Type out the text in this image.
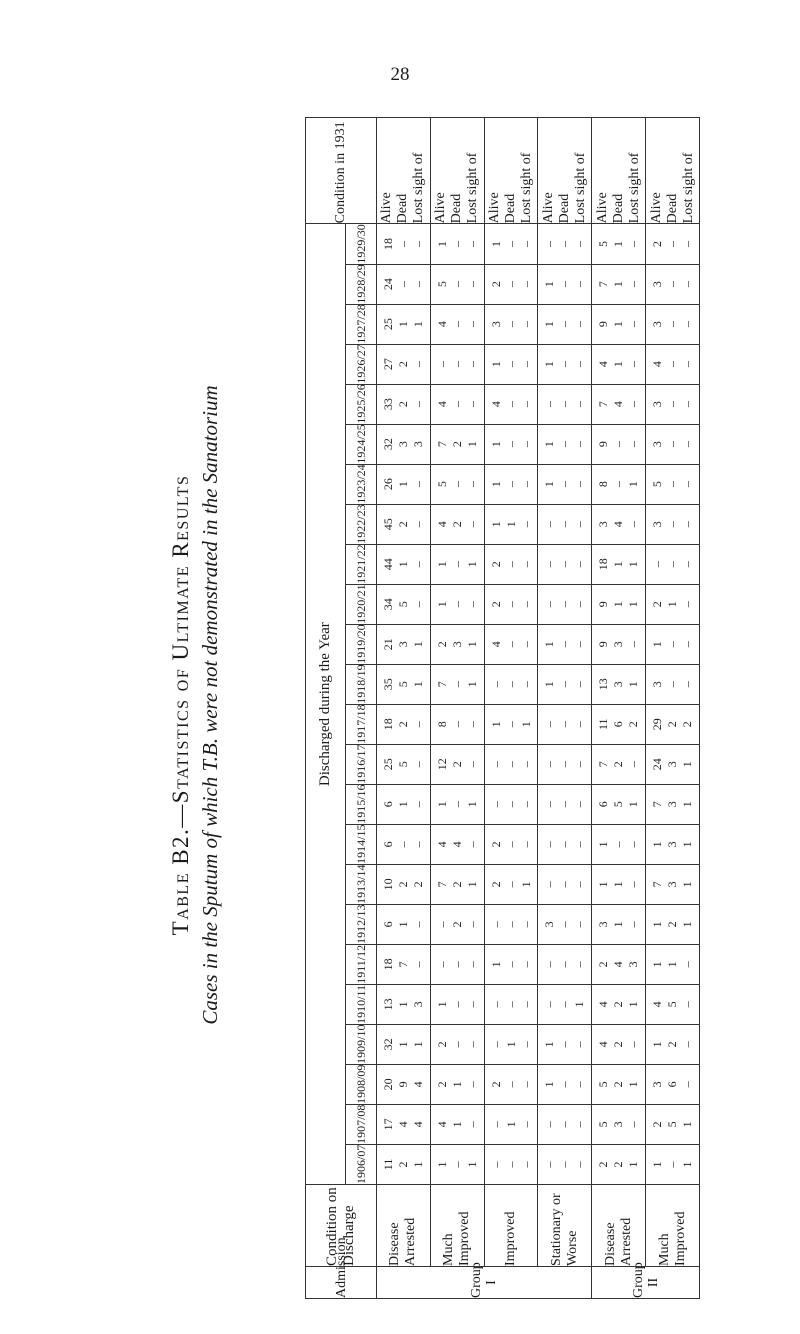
28
Table B2.—Statistics of Ultimate Results Cases in the Sputum of which T.B. were not demonstrated in the Sanatorium
Admission	Condition on Discharge	Discharged during the Year																								Condition in 1931
		1906/07	1907/08	1908/09	1909/10	1910/11	1911/12	1912/13	1913/14	1914/15	1915/16	1916/17	1917/18	1918/19	1919/20	1920/21	1921/22	1922/23	1923/24	1924/25	1925/26	1926/27	1927/28	1928/29	1929/30	
Group I	Disease Arrested	11 2 1	17 4 4	20 9 4	32 1 1	13 1 3	18 7 –	6 1 –	10 2 2	6 – –	6 1 –	25 5 –	18 2 –	35 5 1	21 3 1	34 5 –	44 1 –	45 2 –	26 1 –	32 3 3	33 2 –	27 2 –	25 1 1	24 – –	18 – –	Alive Dead Lost sight of

	Much Improved	1 – 1	4 1 –	2 1 –	2 – –	1 – –	– – –	– 2 –	7 2 1	4 4 –	1 – 1	12 2 –	8 – –	7 – 1	2 3 1	1 – –	1 – 1	4 2 –	5 – –	7 2 1	4 – –	– – –	4 – –	5 – –	1 – –	Alive Dead Lost sight of

	Improved	– – –	– 1 –	2 – –	– 1 –	– – –	1 – –	– – –	2 – 1	2 – –	– – –	– – –	1 – 1	– – –	4 – –	2 – –	2 – –	1 1 –	1 – –	1 – –	4 – –	1 – –	3 – –	2 – –	1 – –	Alive Dead Lost sight of

	Stationary or Worse	– – –	– – –	1 – –	1 – –	– – 1	– – –	3 – –	– – –	– – –	– – –	– – –	– – –	1 – –	1 – –	– – –	– – –	– – –	1 – –	1 – –	– – –	1 – –	1 – –	1 – –	– – –	Alive Dead Lost sight of

Group II	Disease Arrested	2 2 1	5 3 –	5 2 1	4 2 –	4 2 1	2 4 3	3 1 –	1 1 –	1 – –	6 5 1	7 2 –	11 6 2	13 3 1	9 3 –	9 1 1	18 1 1	3 4 –	8 – 1	9 – –	7 4 –	4 1 –	9 1 –	7 1 –	5 1 –	Alive Dead Lost sight of

	Much Improved	1 – 1	2 5 1	3 6 –	1 2 –	4 5 –	1 1 –	1 2 1	7 3 1	1 3 1	7 3 1	24 3 1	29 2 2	3 – –	1 – –	2 1 –	– – –	3 – –	5 – –	3 – –	3 – –	4 – –	3 – –	3 – –	2 – –	Alive Dead Lost sight of
